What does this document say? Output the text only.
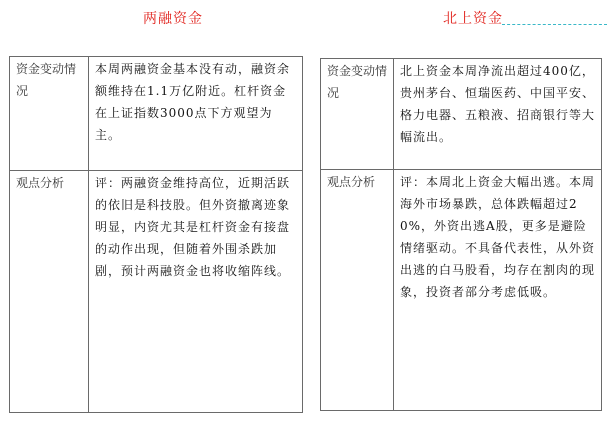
两融资金	北上资金
资金变动情况	本周两融资金基本没有动，融资余额维持在1.1万亿附近。杠杆资金在上证指数3000点下方观望为主。
观点分析	评：两融资金维持高位，近期活跃的依旧是科技股。但外资撤离迹象明显，内资尤其是杠杆资金有接盘的动作出现，但随着外围杀跌加剧，预计两融资金也将收缩阵线。
资金变动情况	北上资金本周净流出超过400亿，贵州茅台、恒瑞医药、中国平安、格力电器、五粮液、招商银行等大幅流出。
观点分析	评：本周北上资金大幅出逃。本周海外市场暴跌，总体跌幅超过20%，外资出逃A股，更多是避险情绪驱动。不具备代表性，从外资出逃的白马股看，均存在割肉的现象，投资者部分考虑低吸。
